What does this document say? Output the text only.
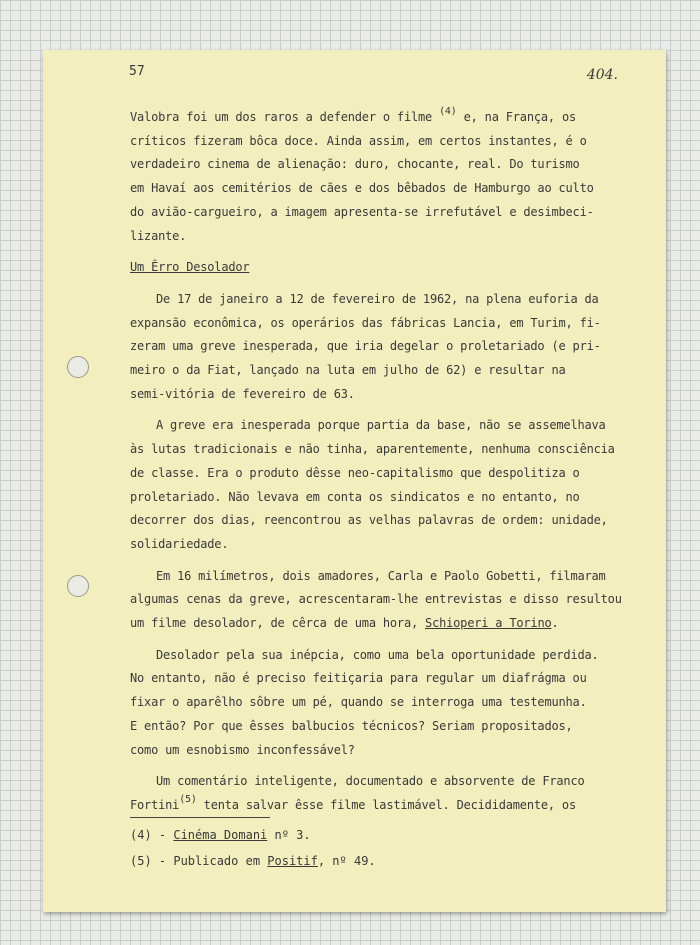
57	404.

Valobra foi um dos raros a defender o filme $^{(4)}$ e, na França, os
críticos fizeram bôca doce. Ainda assim, em certos instantes, é o
verdadeiro cinema de alienação: duro, chocante, real. Do turismo
em Havaí aos cemitérios de cães e dos bêbados de Hamburgo ao culto
do avião-cargueiro, a imagem apresenta-se irrefutável e desimbeci-
lizante.

Um Êrro Desolador

De 17 de janeiro a 12 de fevereiro de 1962, na plena euforia da
expansão econômica, os operários das fábricas Lancia, em Turim, fi-
zeram uma greve inesperada, que iria degelar o proletariado (e pri-
meiro o da Fiat, lançado na luta em julho de 62) e resultar na
semi-vitória de fevereiro de 63.

A greve era inesperada porque partia da base, não se assemelhava
às lutas tradicionais e não tinha, aparentemente, nenhuma consciência
de classe. Era o produto dêsse neo-capitalismo que despolitiza o
proletariado. Não levava em conta os sindicatos e no entanto, no
decorrer dos dias, reencontrou as velhas palavras de ordem: unidade,
solidariedade.

Em 16 milímetros, dois amadores, Carla e Paolo Gobetti, filmaram
algumas cenas da greve, acrescentaram-lhe entrevistas e disso resultou
um filme desolador, de cêrca de uma hora, Schioperi a Torino.

Desolador pela sua inépcia, como uma bela oportunidade perdida.
No entanto, não é preciso feitiçaria para regular um diafrágma ou
fixar o aparêlho sôbre um pé, quando se interroga uma testemunha.
E então? Por que êsses balbucios técnicos? Seriam propositados,
como um esnobismo inconfessável?

Um comentário inteligente, documentado e absorvente de Franco
Fortini$^{(5)}$ tenta salvar êsse filme lastimável. Decididamente, os

(4) - Cinéma Domani nº 3.
(5) - Publicado em Positif, nº 49.
